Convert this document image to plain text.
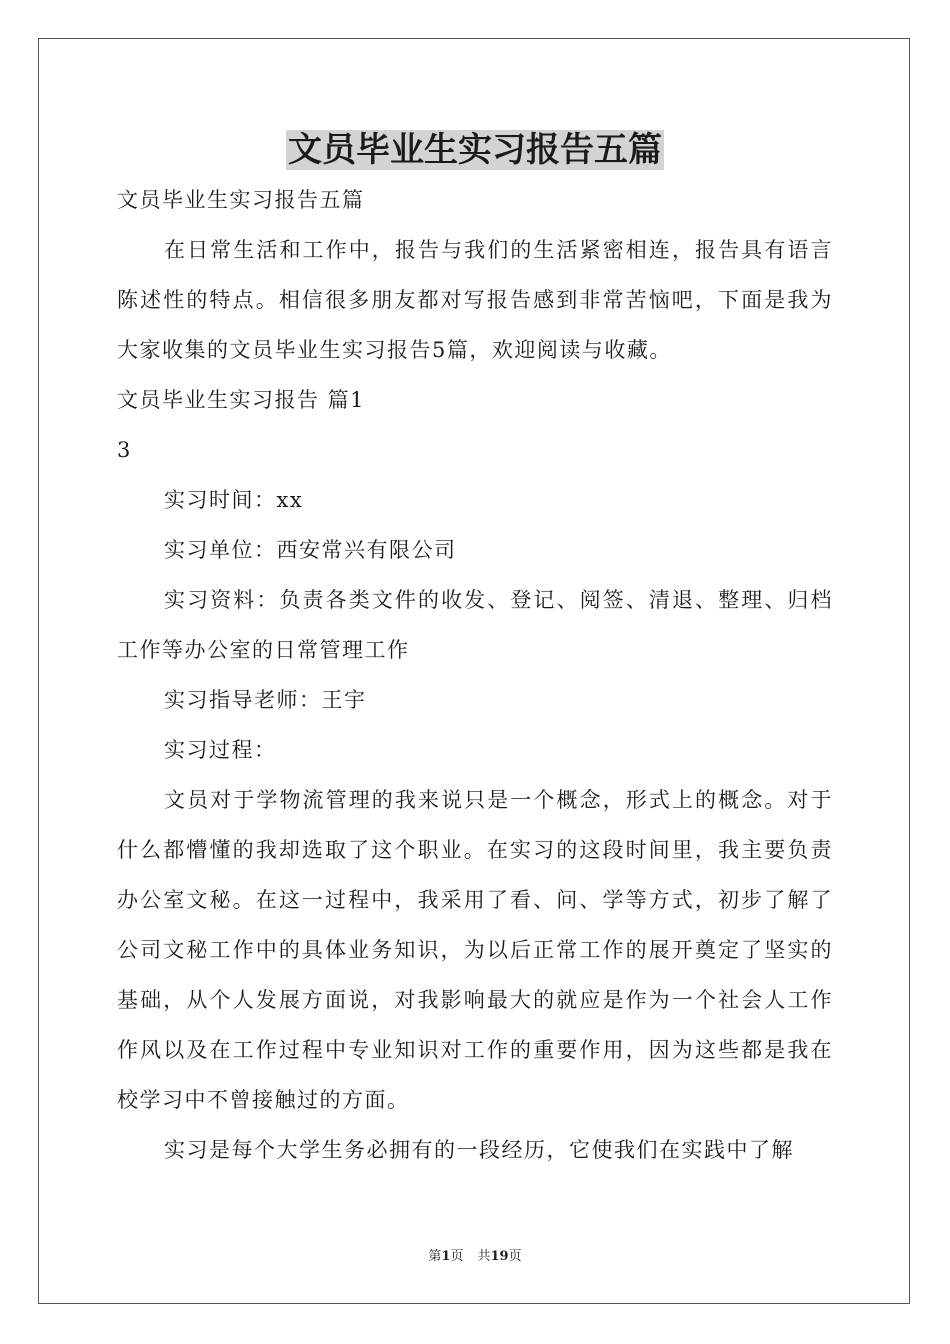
文员毕业生实习报告五篇

文员毕业生实习报告五篇

在日常生活和工作中，报告与我们的生活紧密相连，报告具有语言陈述性的特点。相信很多朋友都对写报告感到非常苦恼吧，下面是我为大家收集的文员毕业生实习报告5篇，欢迎阅读与收藏。

文员毕业生实习报告 篇1

3

实习时间：xx

实习单位：西安常兴有限公司

实习资料：负责各类文件的收发、登记、阅签、清退、整理、归档工作等办公室的日常管理工作

实习指导老师：王宇

实习过程：

文员对于学物流管理的我来说只是一个概念，形式上的概念。对于什么都懵懂的我却选取了这个职业。在实习的这段时间里，我主要负责办公室文秘。在这一过程中，我采用了看、问、学等方式，初步了解了公司文秘工作中的具体业务知识，为以后正常工作的展开奠定了坚实的基础，从个人发展方面说，对我影响最大的就应是作为一个社会人工作作风以及在工作过程中专业知识对工作的重要作用，因为这些都是我在校学习中不曾接触过的方面。

实习是每个大学生务必拥有的一段经历，它使我们在实践中了解

第1页 共19页
